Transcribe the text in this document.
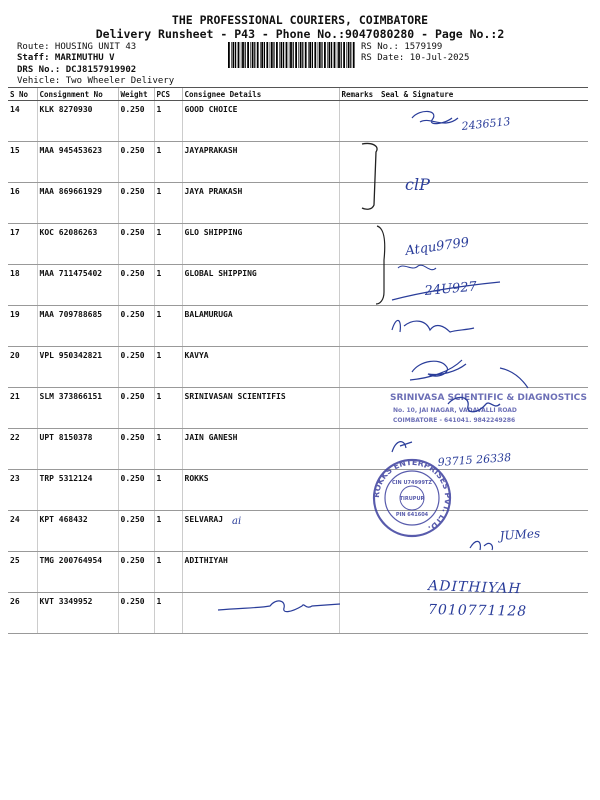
THE PROFESSIONAL COURIERS, COIMBATORE
Delivery Runsheet - P43 - Phone No.:9047080280 - Page No.:2
Route: HOUSING UNIT 43
Staff: MARIMUTHU V
DRS No.: DCJ8157919902
Vehicle: Two Wheeler Delivery
RS No.: 1579199
RS Date: 10-Jul-2025
S No	Consignment No	Weight	PCS	Consignee Details	Remarks	Seal & Signature
14	KLK 8270930	0.250	1	GOOD CHOICE		
15	MAA 945453623	0.250	1	JAYAPRAKASH		
16	MAA 869661929	0.250	1	JAYA PRAKASH		
17	KOC 62086263	0.250	1	GLO SHIPPING		
18	MAA 711475402	0.250	1	GLOBAL SHIPPING		
19	MAA 709788685	0.250	1	BALAMURUGA		
20	VPL 950342821	0.250	1	KAVYA		
21	SLM 373866151	0.250	1	SRINIVASAN SCIENTIFIS		
22	UPT 8150378	0.250	1	JAIN GANESH		
23	TRP 5312124	0.250	1	ROKKS		
24	KPT 468432	0.250	1	SELVARAJ		
25	TMG 200764954	0.250	1	ADITHIYAH		
26	KVT 3349952	0.250	1			
2436513
clP
Atqu9799
24U927
SRINIVASA SCIENTIFIC & DIAGNOSTICS
No. 10, JAI NAGAR, VADAVALLI ROAD
COIMBATORE - 641041. 9842249286
93715 26338
ROKKS ENTERPRISES PVT. LTD.
CIN U74999TZ
TIRUPUR
PIN 641604
ai
JUMes
ADITHIYAH
7010771128
